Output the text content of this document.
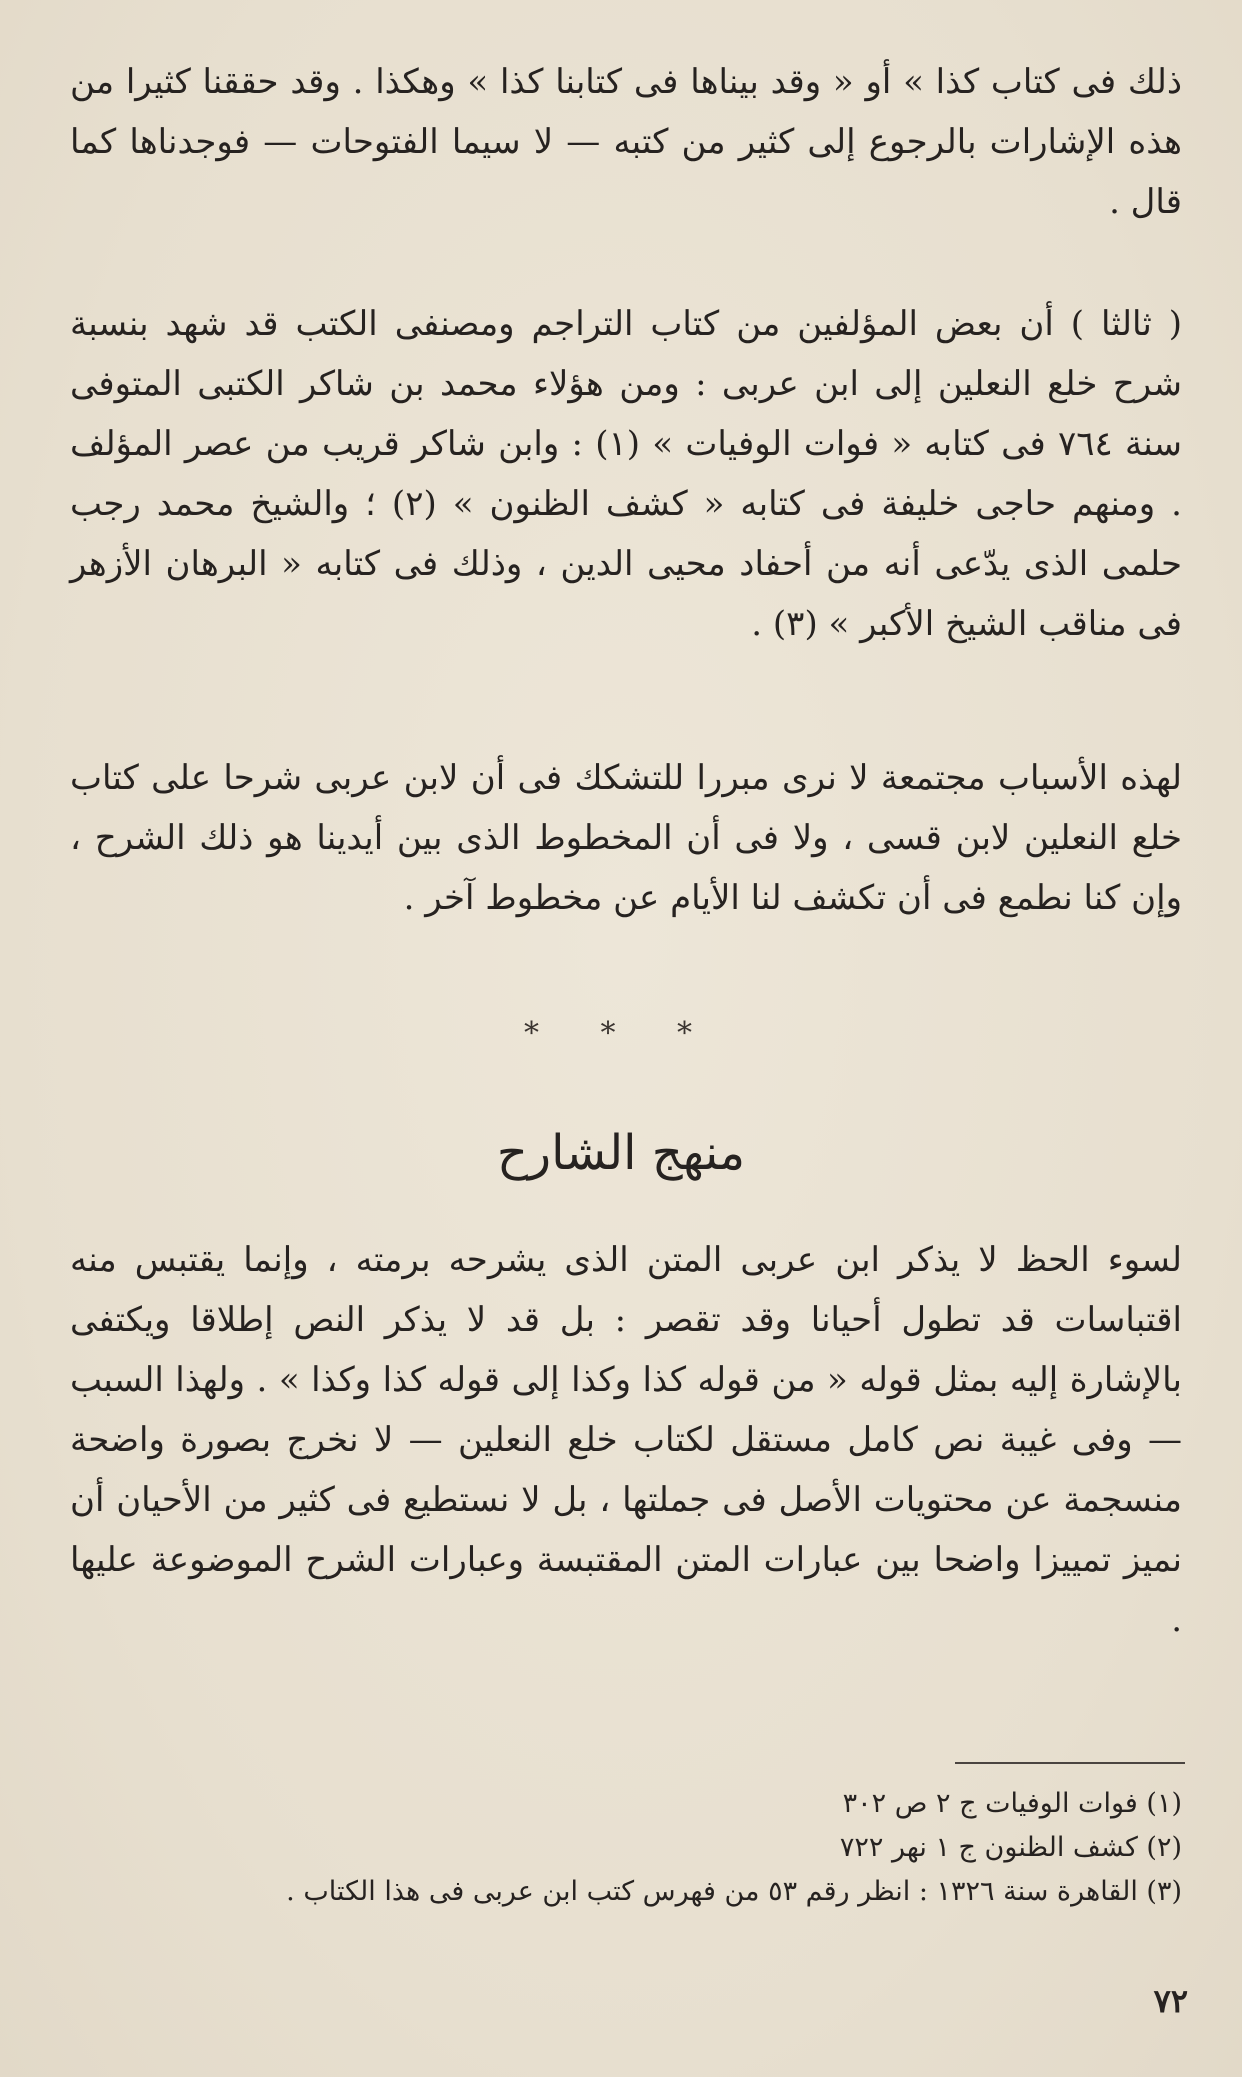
ذلك فى كتاب كذا » أو « وقد بيناها فى كتابنا كذا » وهكذا . وقد حققنا كثيرا من هذه الإشارات بالرجوع إلى كثير من كتبه — لا سيما الفتوحات — فوجدناها كما قال .

( ثالثا ) أن بعض المؤلفين من كتاب التراجم ومصنفى الكتب قد شهد بنسبة شرح خلع النعلين إلى ابن عربى : ومن هؤلاء محمد بن شاكر الكتبى المتوفى سنة ٧٦٤ فى كتابه « فوات الوفيات » (١) : وابن شاكر قريب من عصر المؤلف . ومنهم حاجى خليفة فى كتابه « كشف الظنون » (٢) ؛ والشيخ محمد رجب حلمى الذى يدّعى أنه من أحفاد محيى الدين ، وذلك فى كتابه « البرهان الأزهر فى مناقب الشيخ الأكبر » (٣) .

لهذه الأسباب مجتمعة لا نرى مبررا للتشكك فى أن لابن عربى شرحا على كتاب خلع النعلين لابن قسى ، ولا فى أن المخطوط الذى بين أيدينا هو ذلك الشرح ، وإن كنا نطمع فى أن تكشف لنا الأيام عن مخطوط آخر .

* * *
منهج الشارح

لسوء الحظ لا يذكر ابن عربى المتن الذى يشرحه برمته ، وإنما يقتبس منه اقتباسات قد تطول أحيانا وقد تقصر : بل قد لا يذكر النص إطلاقا ويكتفى بالإشارة إليه بمثل قوله « من قوله كذا وكذا إلى قوله كذا وكذا » . ولهذا السبب — وفى غيبة نص كامل مستقل لكتاب خلع النعلين — لا نخرج بصورة واضحة منسجمة عن محتويات الأصل فى جملتها ، بل لا نستطيع فى كثير من الأحيان أن نميز تمييزا واضحا بين عبارات المتن المقتبسة وعبارات الشرح الموضوعة عليها .

(١) فوات الوفيات ج ٢ ص ٣٠٢
(٢) كشف الظنون ج ١ نهر ٧٢٢
(٣) القاهرة سنة ١٣٢٦ : انظر رقم ٥٣ من فهرس كتب ابن عربى فى هذا الكتاب .
٧٢
